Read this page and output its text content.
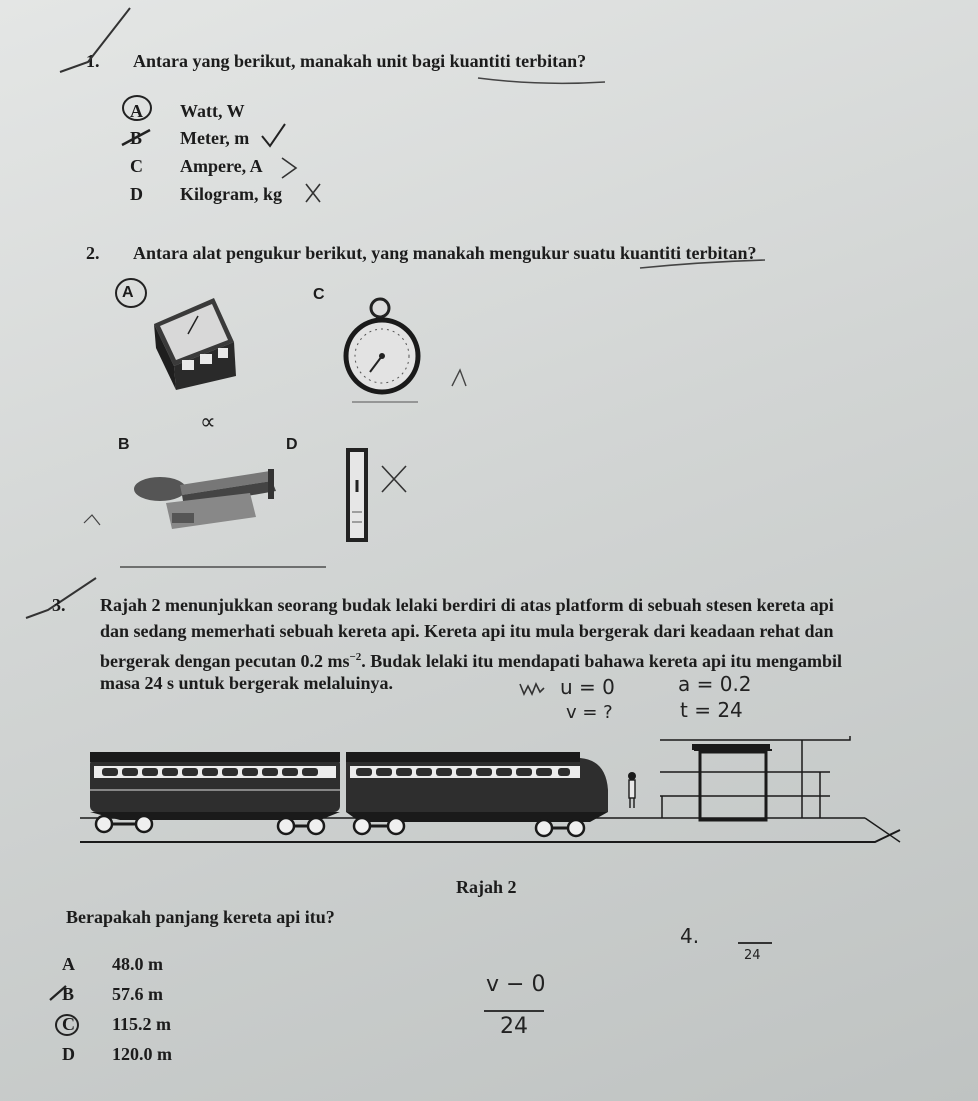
1. Antara yang berikut, manakah unit bagi kuantiti terbitan?
A Watt, W
B Meter, m
C Ampere, A
D Kilogram, kg
2. Antara alat pengukur berikut, yang manakah mengukur suatu kuantiti terbitan?
A	C
∝
B	D
3. Rajah 2 menunjukkan seorang budak lelaki berdiri di atas platform di sebuah stesen kereta api
dan sedang memerhati sebuah kereta api. Kereta api itu mula bergerak dari keadaan rehat dan
bergerak dengan pecutan 0.2 $ms^{-2}$. Budak lelaki itu mendapati bahawa kereta api itu mengambil
masa 24 s untuk bergerak melaluinya.	u = 0	a = 0.2
v = ?	t = 24
Rajah 2
Berapakah panjang kereta api itu?
A 48.0 m
B 57.6 m
C 115.2 m
D 120.0 m
v − 0
24
4.
24
